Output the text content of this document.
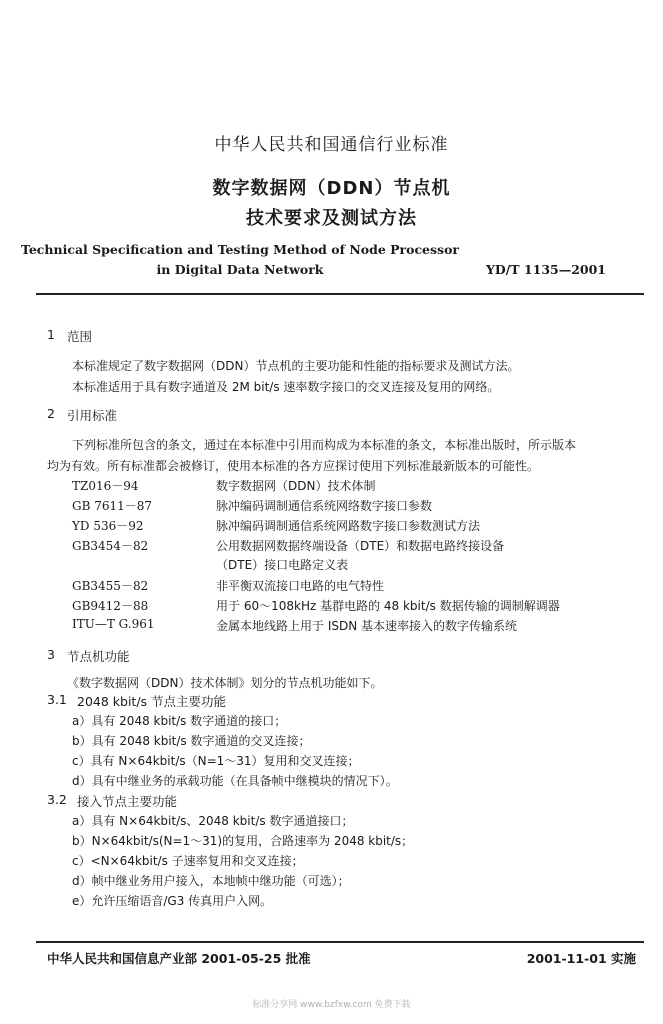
中华人民共和国通信行业标准
数字数据网（DDN）节点机
技术要求及测试方法
Technical Specification and Testing Method of Node Processor
in Digital Data Network	YD/T 1135—2001
1 范围
本标准规定了数字数据网（DDN）节点机的主要功能和性能的指标要求及测试方法。
本标准适用于具有数字通道及 2M bit/s 速率数字接口的交叉连接及复用的网络。
2 引用标准
下列标准所包含的条文，通过在本标准中引用而构成为本标准的条文，本标准出版时，所示版本
均为有效。所有标准都会被修订，使用本标准的各方应探讨使用下列标准最新版本的可能性。
TZ016－94	数字数据网（DDN）技术体制
GB 7611－87	脉冲编码调制通信系统网络数字接口参数
YD 536－92	脉冲编码调制通信系统网路数字接口参数测试方法
GB3454－82	公用数据网数据终端设备（DTE）和数据电路终接设备
（DTE）接口电路定义表
GB3455－82	非平衡双流接口电路的电气特性
GB9412－88	用于 60～108kHz 基群电路的 48 kbit/s 数据传输的调制解调器
ITU—T G.961	金属本地线路上用于 ISDN 基本速率接入的数字传输系统
3 节点机功能
《数字数据网（DDN）技术体制》划分的节点机功能如下。
3.1 2048 kbit/s 节点主要功能
a）具有 2048 kbit/s 数字通道的接口；
b）具有 2048 kbit/s 数字通道的交叉连接；
c）具有 N×64kbit/s（N=1～31）复用和交叉连接；
d）具有中继业务的承载功能（在具备帧中继模块的情况下）。
3.2 接入节点主要功能
a）具有 N×64kbit/s、2048 kbit/s 数字通道接口；
b）N×64kbit/s(N=1～31)的复用，合路速率为 2048 kbit/s；
c）<N×64kbit/s 子速率复用和交叉连接；
d）帧中继业务用户接入，本地帧中继功能（可选）；
e）允许压缩语音/G3 传真用户入网。
中华人民共和国信息产业部 2001-05-25 批准	2001-11-01 实施
标准分享网 www.bzfxw.com 免费下载
